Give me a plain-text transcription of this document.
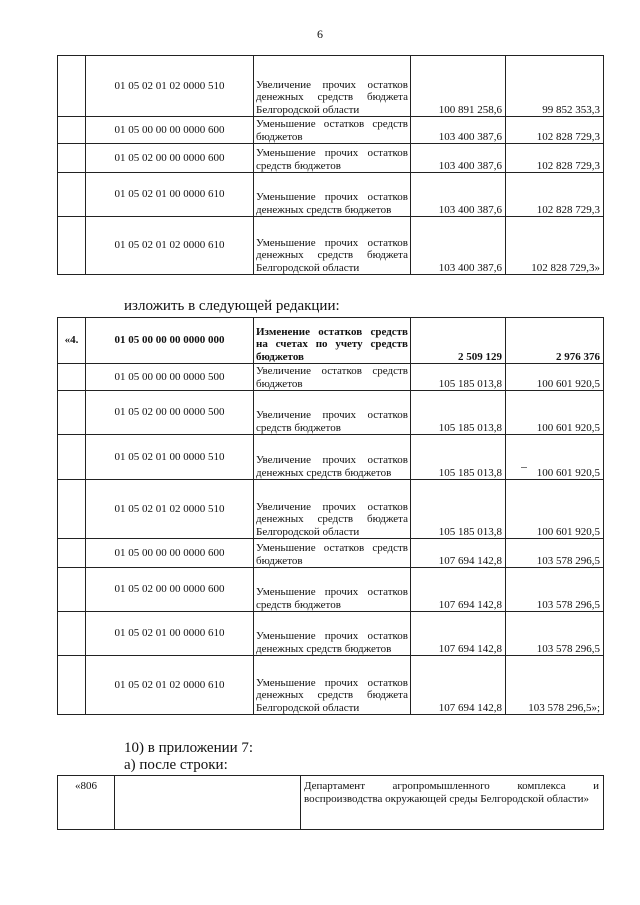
6
	01 05 02 01 02 0000 510	Увеличение прочих остатков денежных средств бюджета Белгородской области	100 891 258,6	99 852 353,3
	01 05 00 00 00 0000 600	Уменьшение остатков средств бюджетов	103 400 387,6	102 828 729,3
	01 05 02 00 00 0000 600	Уменьшение прочих остатков средств бюджетов	103 400 387,6	102 828 729,3
	01 05 02 01 00 0000 610	Уменьшение прочих остатков денежных средств бюджетов	103 400 387,6	102 828 729,3
	01 05 02 01 02 0000 610	Уменьшение прочих остатков денежных средств бюджета Белгородской области	103 400 387,6	102 828 729,3»
изложить в следующей редакции:
«4.	01 05 00 00 00 0000 000	Изменение остатков средств на счетах по учету средств бюджетов	2 509 129	2 976 376
	01 05 00 00 00 0000 500	Увеличение остатков средств бюджетов	105 185 013,8	100 601 920,5
	01 05 02 00 00 0000 500	Увеличение прочих остатков средств бюджетов	105 185 013,8	100 601 920,5
	01 05 02 01 00 0000 510	Увеличение прочих остатков денежных средств бюджетов	105 185 013,8	100 601 920,5
	01 05 02 01 02 0000 510	Увеличение прочих остатков денежных средств бюджета Белгородской области	105 185 013,8	100 601 920,5
	01 05 00 00 00 0000 600	Уменьшение остатков средств бюджетов	107 694 142,8	103 578 296,5
	01 05 02 00 00 0000 600	Уменьшение прочих остатков средств бюджетов	107 694 142,8	103 578 296,5
	01 05 02 01 00 0000 610	Уменьшение прочих остатков денежных средств бюджетов	107 694 142,8	103 578 296,5
	01 05 02 01 02 0000 610	Уменьшение прочих остатков денежных средств бюджета Белгородской области	107 694 142,8	103 578 296,5»;
10) в приложении 7:
а) после строки:
«806		Департамент агропромышленного комплекса и воспроизводства окружающей среды Белгородской области»
